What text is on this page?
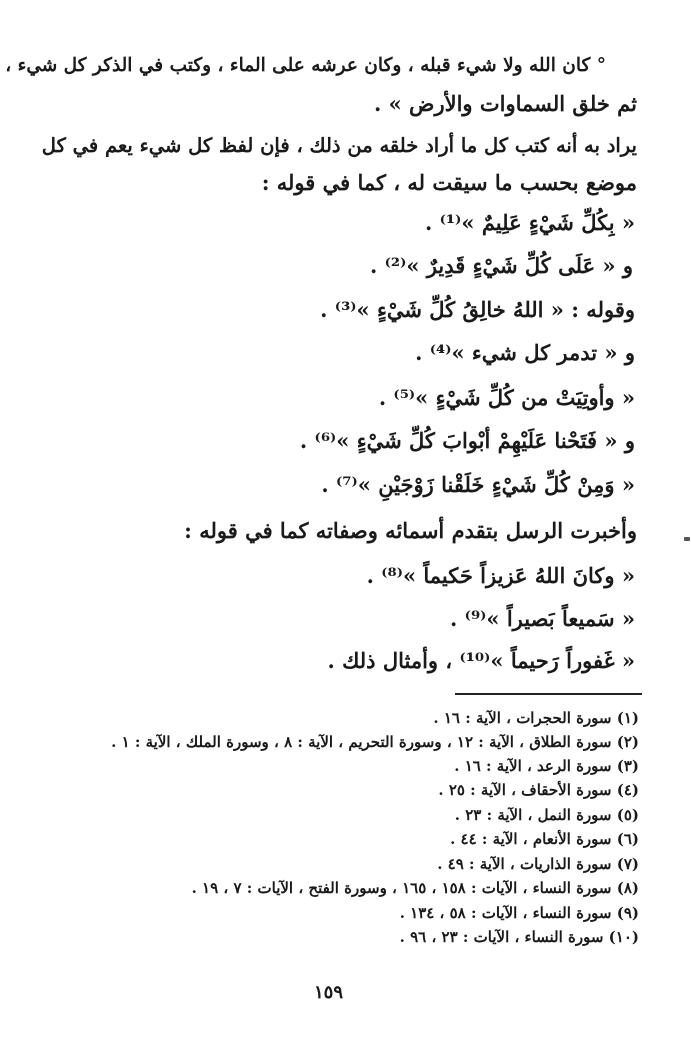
° كان الله ولا شيء قبله ، وكان عرشه على الماء ، وكتب في الذكر كل شيء ،
ثم خلق السماوات والأرض » .
يراد به أنه كتب كل ما أراد خلقه من ذلك ، فإن لفظ كل شيء يعم في كل
موضع بحسب ما سيقت له ، كما في قوله :
« بِكُلِّ شَيْءٍ عَلِيمٌ »⁽¹⁾ .
و « عَلَى كُلِّ شَيْءٍ قَدِيرٌ »⁽²⁾ .
وقوله : « اللهُ خالِقُ كُلِّ شَيْءٍ »⁽³⁾ .
و « تدمر كل شيء »⁽⁴⁾ .
« وأوتِيَتْ من كُلِّ شَيْءٍ »⁽⁵⁾ .
و « فَتَحْنا عَلَيْهِمْ أبْوابَ كُلِّ شَيْءٍ »⁽⁶⁾ .
« وَمِنْ كُلِّ شَيْءٍ خَلَقْنا زَوْجَيْنِ »⁽⁷⁾ .
وأخبرت الرسل بتقدم أسمائه وصفاته كما في قوله :
« وكانَ اللهُ عَزيزاً حَكيماً »⁽⁸⁾ .
« سَميعاً بَصيراً »⁽⁹⁾ .
« غَفوراً رَحيماً »⁽¹⁰⁾ ، وأمثال ذلك .
(١) سورة الحجرات ، الآية : ١٦ .
(٢) سورة الطلاق ، الآية : ١٢ ، وسورة التحريم ، الآية : ٨ ، وسورة الملك ، الآية : ١ .
(٣) سورة الرعد ، الآية : ١٦ .
(٤) سورة الأحقاف ، الآية : ٢٥ .
(٥) سورة النمل ، الآية : ٢٣ .
(٦) سورة الأنعام ، الآية : ٤٤ .
(٧) سورة الذاريات ، الآية : ٤٩ .
(٨) سورة النساء ، الآيات : ١٥٨ ، ١٦٥ ، وسورة الفتح ، الآيات : ٧ ، ١٩ .
(٩) سورة النساء ، الآيات : ٥٨ ، ١٣٤ .
(١٠) سورة النساء ، الآيات : ٢٣ ، ٩٦ .
١٥٩
